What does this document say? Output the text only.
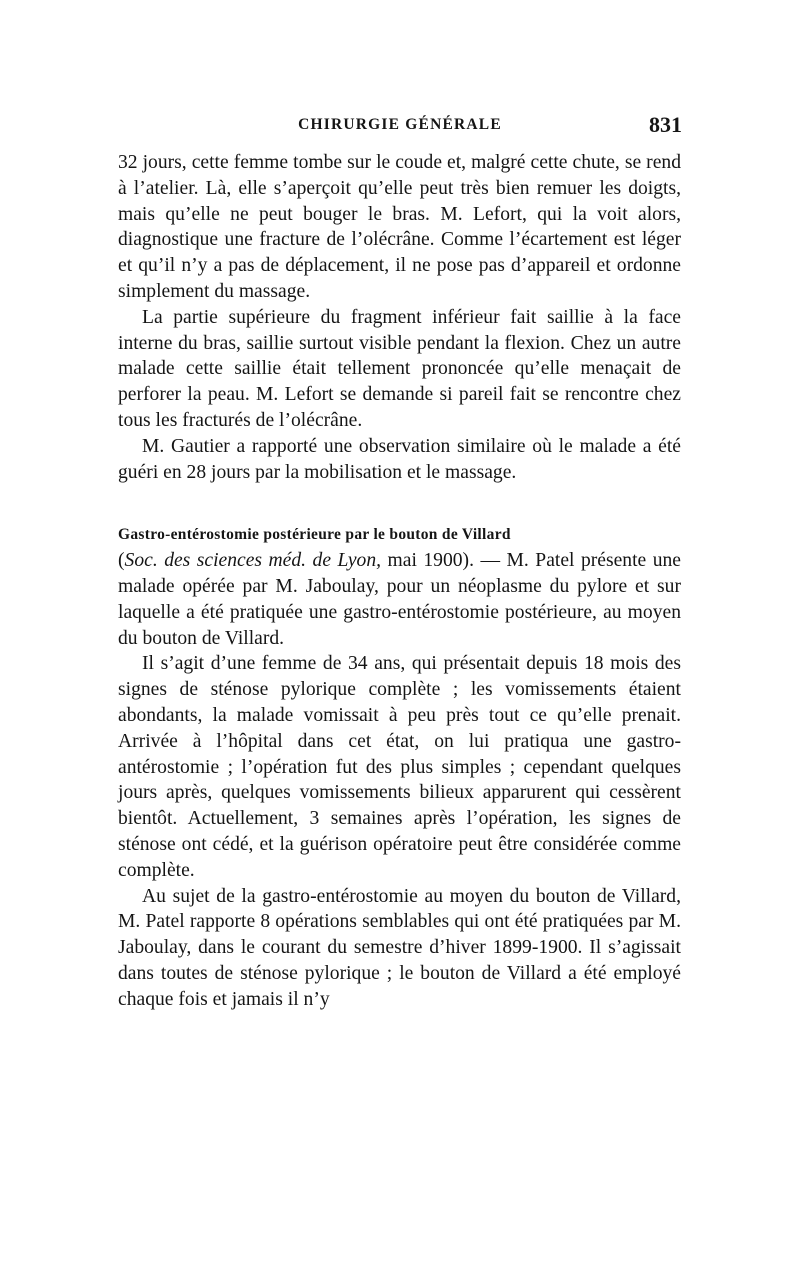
CHIRURGIE GÉNÉRALE	831

32 jours, cette femme tombe sur le coude et, malgré cette chute, se rend à l’atelier. Là, elle s’aperçoit qu’elle peut très bien remuer les doigts, mais qu’elle ne peut bouger le bras. M. Lefort, qui la voit alors, diagnostique une fracture de l’olécrâne. Comme l’écartement est léger et qu’il n’y a pas de déplacement, il ne pose pas d’appareil et ordonne simplement du massage.

La partie supérieure du fragment inférieur fait saillie à la face interne du bras, saillie surtout visible pendant la flexion. Chez un autre malade cette saillie était tellement prononcée qu’elle menaçait de perforer la peau. M. Lefort se demande si pareil fait se rencontre chez tous les fracturés de l’olécrâne.

M. Gautier a rapporté une observation similaire où le malade a été guéri en 28 jours par la mobilisation et le massage.

Gastro-entérostomie postérieure par le bouton de Villard
(Soc. des sciences méd. de Lyon, mai 1900). — M. Patel présente une malade opérée par M. Jaboulay, pour un néoplasme du pylore et sur laquelle a été pratiquée une gastro-entérostomie postérieure, au moyen du bouton de Villard.

Il s’agit d’une femme de 34 ans, qui présentait depuis 18 mois des signes de sténose pylorique complète ; les vomissements étaient abondants, la malade vomissait à peu près tout ce qu’elle prenait. Arrivée à l’hôpital dans cet état, on lui pratiqua une gastro-antérostomie ; l’opération fut des plus simples ; cependant quelques jours après, quelques vomissements bilieux apparurent qui cessèrent bientôt. Actuellement, 3 semaines après l’opération, les signes de sténose ont cédé, et la guérison opératoire peut être considérée comme complète.

Au sujet de la gastro-entérostomie au moyen du bouton de Villard, M. Patel rapporte 8 opérations semblables qui ont été pratiquées par M. Jaboulay, dans le courant du semestre d’hiver 1899-1900. Il s’agissait dans toutes de sténose pylorique ; le bouton de Villard a été employé chaque fois et jamais il n’y
